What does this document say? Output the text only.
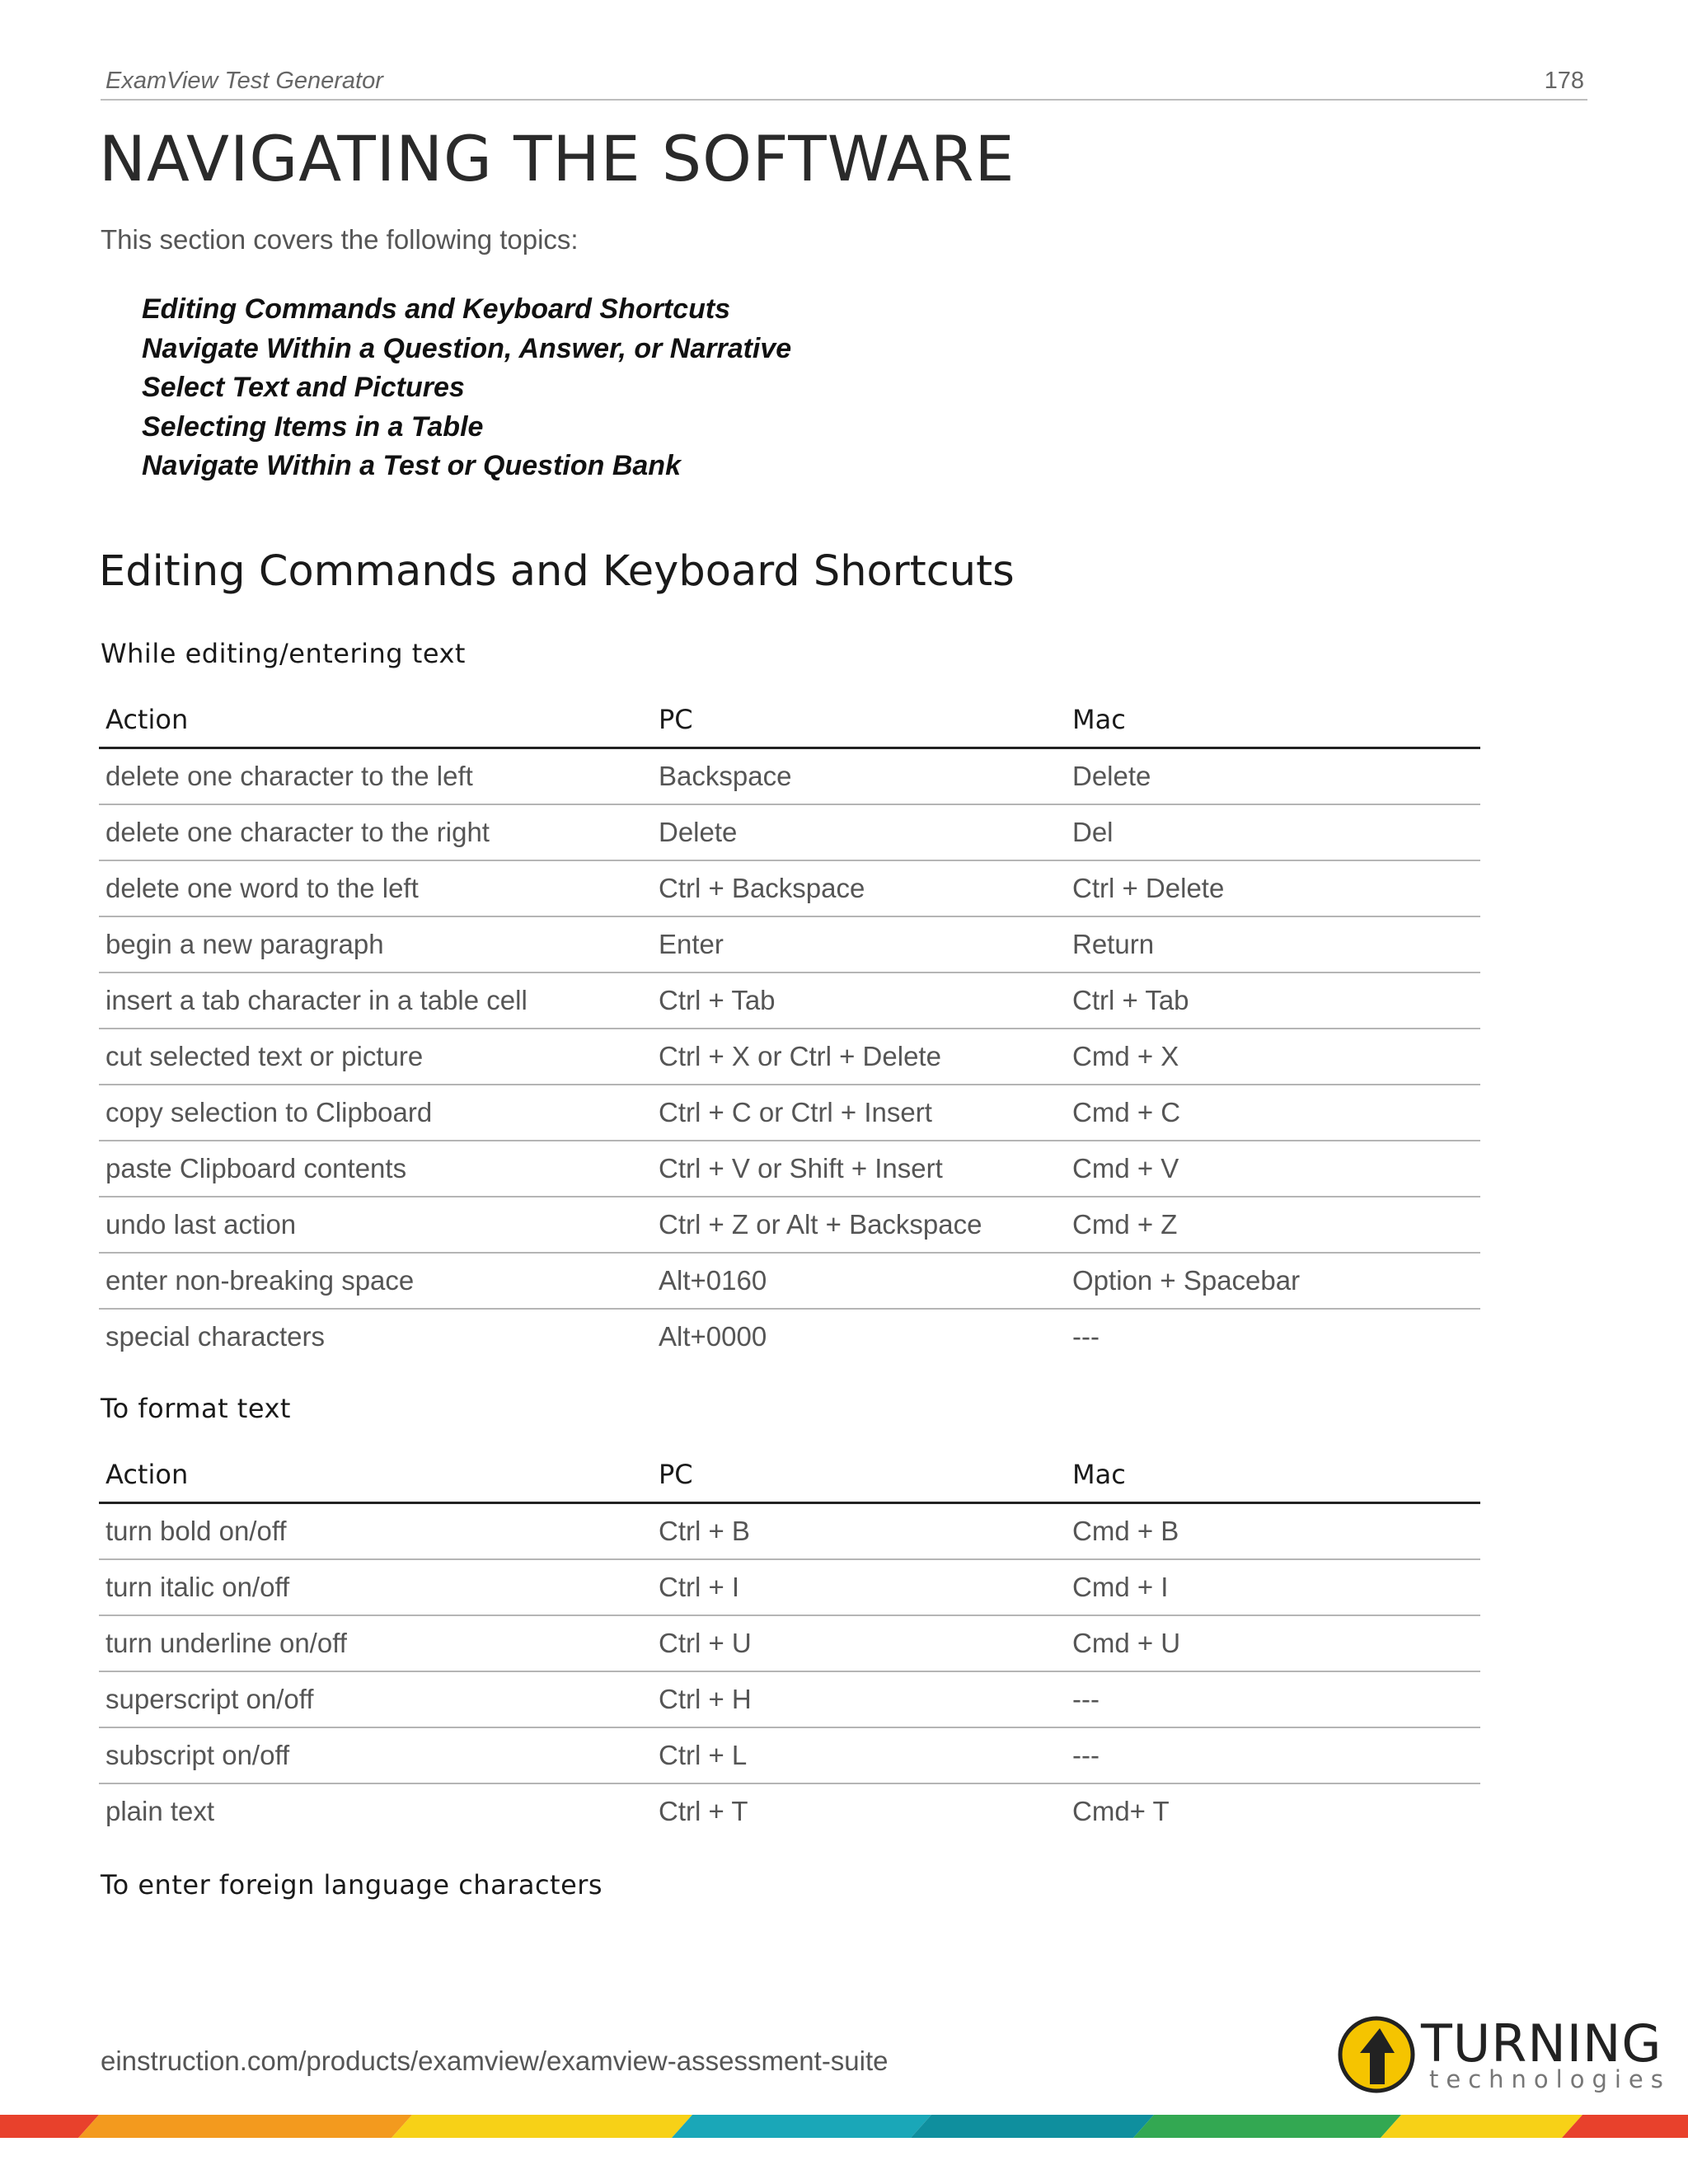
ExamView Test Generator	178
NAVIGATING THE SOFTWARE

This section covers the following topics:

Editing Commands and Keyboard Shortcuts
Navigate Within a Question, Answer, or Narrative
Select Text and Pictures
Selecting Items in a Table
Navigate Within a Test or Question Bank
Editing Commands and Keyboard Shortcuts
While editing/entering text
Action	PC	Mac
delete one character to the left	Backspace	Delete
delete one character to the right	Delete	Del
delete one word to the left	Ctrl + Backspace	Ctrl + Delete
begin a new paragraph	Enter	Return
insert a tab character in a table cell	Ctrl + Tab	Ctrl + Tab
cut selected text or picture	Ctrl + X or Ctrl + Delete	Cmd + X
copy selection to Clipboard	Ctrl + C or Ctrl + Insert	Cmd + C
paste Clipboard contents	Ctrl + V or Shift + Insert	Cmd + V
undo last action	Ctrl + Z or Alt + Backspace	Cmd + Z
enter non-breaking space	Alt+0160	Option + Spacebar
special characters	Alt+0000	---
To format text
Action	PC	Mac
turn bold on/off	Ctrl + B	Cmd + B
turn italic on/off	Ctrl + I	Cmd + I
turn underline on/off	Ctrl + U	Cmd + U
superscript on/off	Ctrl + H	---
subscript on/off	Ctrl + L	---
plain text	Ctrl + T	Cmd+ T
To enter foreign language characters
einstruction.com/products/examview/examview-assessment-suite	TURNING
technologies
